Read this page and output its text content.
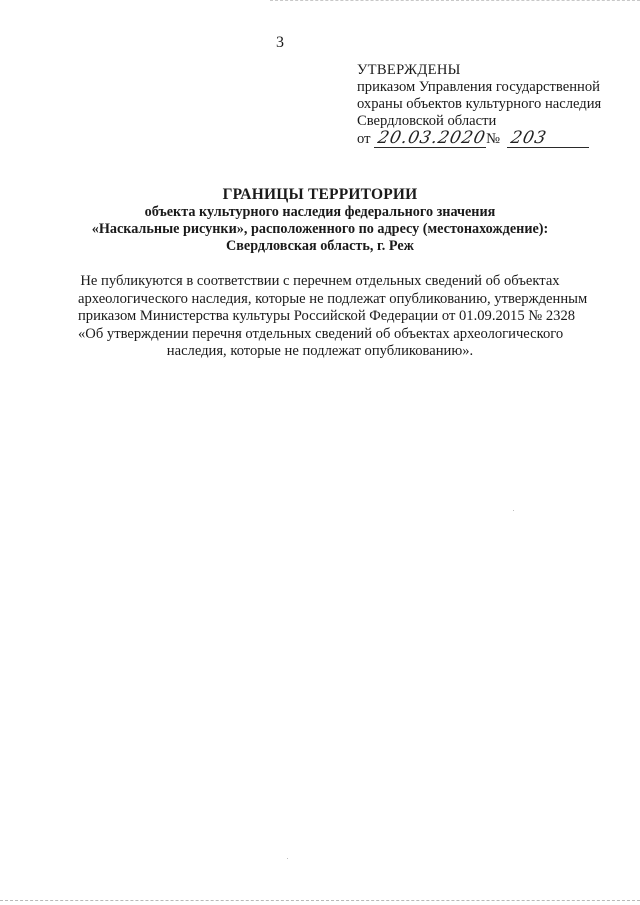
3
УТВЕРЖДЕНЫ
приказом Управления государственной
охраны объектов культурного наследия
Свердловской области
от 20.03.2020
№ 203
ГРАНИЦЫ ТЕРРИТОРИИ
объекта культурного наследия федерального значения
«Наскальные рисунки», расположенного по адресу (местонахождение):
Свердловская область, г. Реж
Не публикуются в соответствии с перечнем отдельных сведений об объектах
археологического наследия, которые не подлежат опубликованию, утвержденным
приказом Министерства культуры Российской Федерации от 01.09.2015 № 2328
«Об утверждении перечня отдельных сведений об объектах археологического
наследия, которые не подлежат опубликованию».
